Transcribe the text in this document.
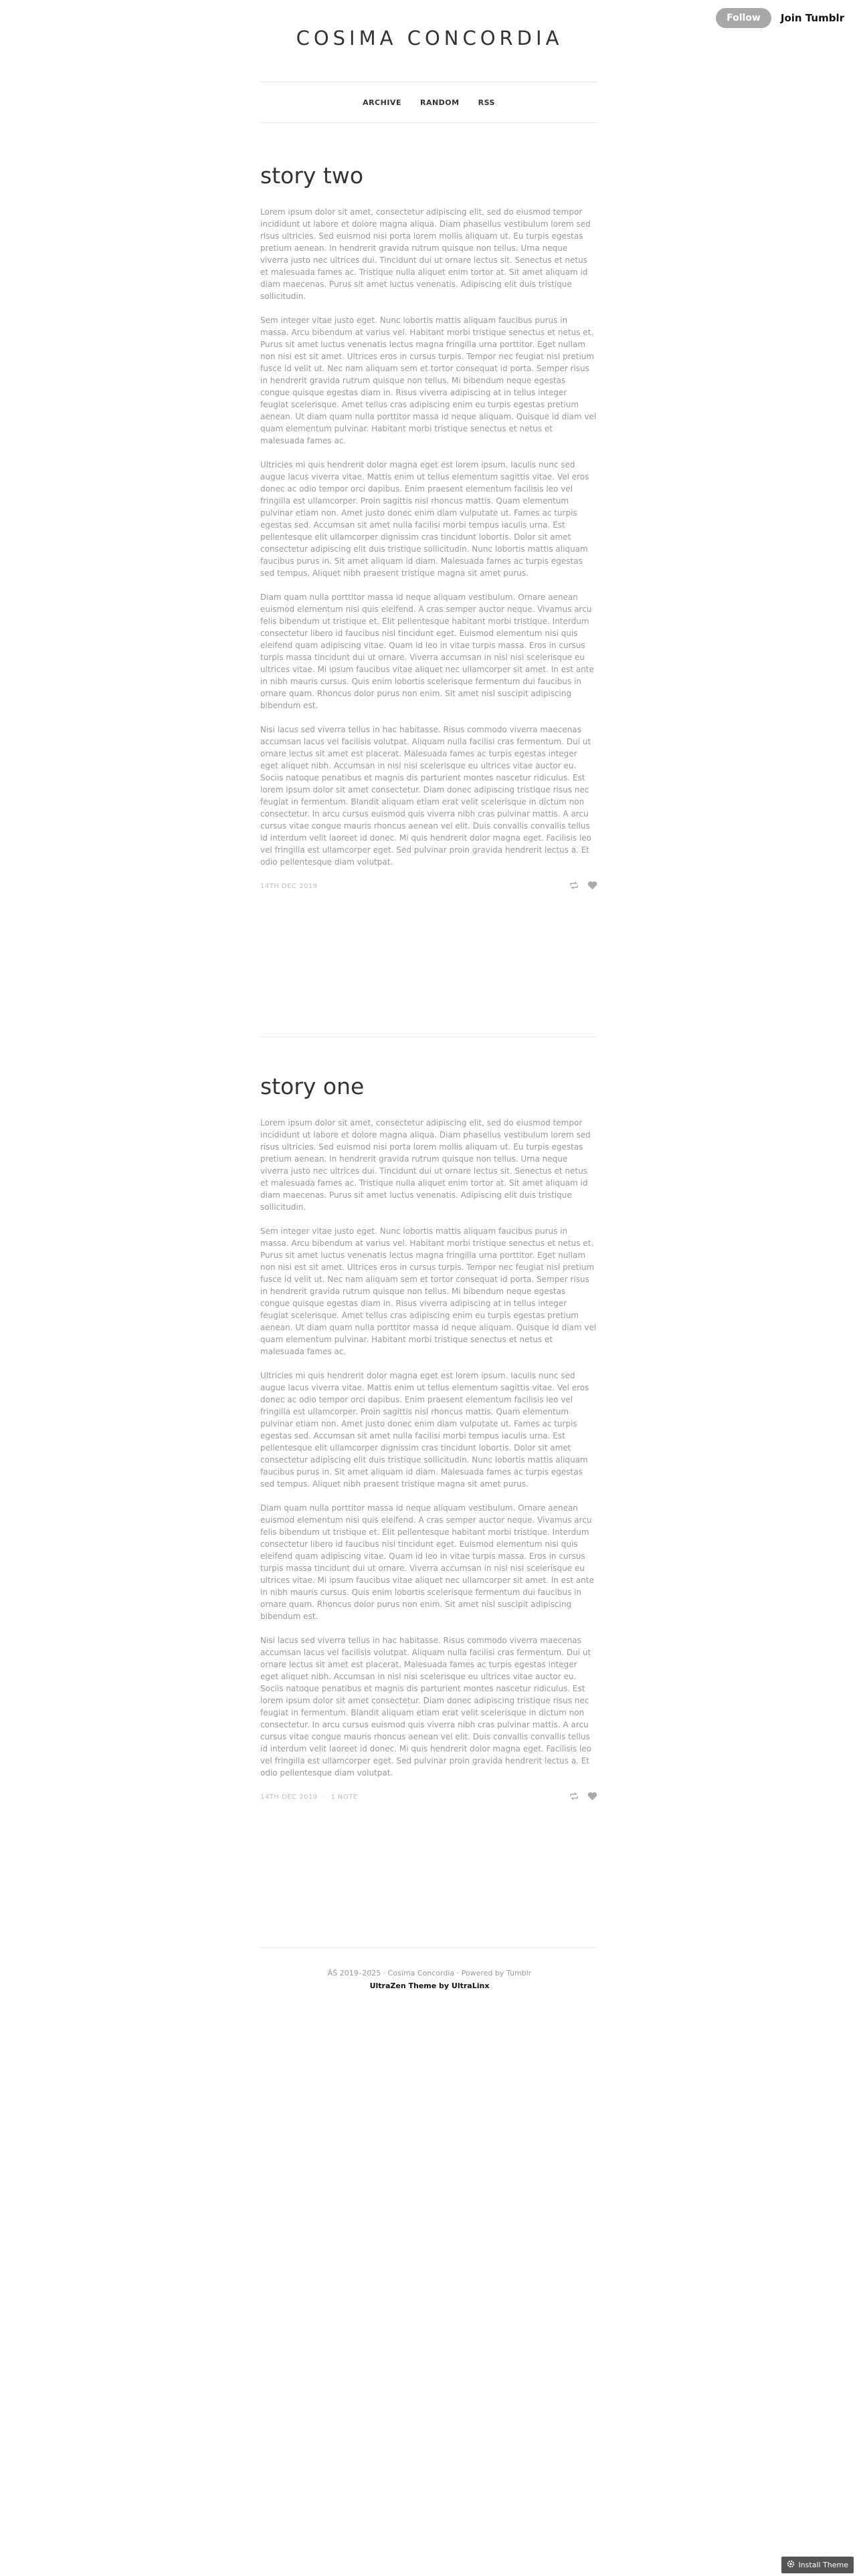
Follow	Join Tumblr
COSIMA CONCORDIA
ARCHIVE	RANDOM	RSS
story two

Lorem ipsum dolor sit amet, consectetur adipiscing elit, sed do eiusmod tempor incididunt ut labore et dolore magna aliqua. Diam phasellus vestibulum lorem sed risus ultricies. Sed euismod nisi porta lorem mollis aliquam ut. Eu turpis egestas pretium aenean. In hendrerit gravida rutrum quisque non tellus. Urna neque viverra justo nec ultrices dui. Tincidunt dui ut ornare lectus sit. Senectus et netus et malesuada fames ac. Tristique nulla aliquet enim tortor at. Sit amet aliquam id diam maecenas. Purus sit amet luctus venenatis. Adipiscing elit duis tristique sollicitudin.

Sem integer vitae justo eget. Nunc lobortis mattis aliquam faucibus purus in massa. Arcu bibendum at varius vel. Habitant morbi tristique senectus et netus et. Purus sit amet luctus venenatis lectus magna fringilla urna porttitor. Eget nullam non nisi est sit amet. Ultrices eros in cursus turpis. Tempor nec feugiat nisl pretium fusce id velit ut. Nec nam aliquam sem et tortor consequat id porta. Semper risus in hendrerit gravida rutrum quisque non tellus. Mi bibendum neque egestas congue quisque egestas diam in. Risus viverra adipiscing at in tellus integer feugiat scelerisque. Amet tellus cras adipiscing enim eu turpis egestas pretium aenean. Ut diam quam nulla porttitor massa id neque aliquam. Quisque id diam vel quam elementum pulvinar. Habitant morbi tristique senectus et netus et malesuada fames ac.

Ultricies mi quis hendrerit dolor magna eget est lorem ipsum. Iaculis nunc sed augue lacus viverra vitae. Mattis enim ut tellus elementum sagittis vitae. Vel eros donec ac odio tempor orci dapibus. Enim praesent elementum facilisis leo vel fringilla est ullamcorper. Proin sagittis nisl rhoncus mattis. Quam elementum pulvinar etiam non. Amet justo donec enim diam vulputate ut. Fames ac turpis egestas sed. Accumsan sit amet nulla facilisi morbi tempus iaculis urna. Est pellentesque elit ullamcorper dignissim cras tincidunt lobortis. Dolor sit amet consectetur adipiscing elit duis tristique sollicitudin. Nunc lobortis mattis aliquam faucibus purus in. Sit amet aliquam id diam. Malesuada fames ac turpis egestas sed tempus. Aliquet nibh praesent tristique magna sit amet purus.

Diam quam nulla porttitor massa id neque aliquam vestibulum. Ornare aenean euismod elementum nisi quis eleifend. A cras semper auctor neque. Vivamus arcu felis bibendum ut tristique et. Elit pellentesque habitant morbi tristique. Interdum consectetur libero id faucibus nisl tincidunt eget. Euismod elementum nisi quis eleifend quam adipiscing vitae. Quam id leo in vitae turpis massa. Eros in cursus turpis massa tincidunt dui ut ornare. Viverra accumsan in nisl nisi scelerisque eu ultrices vitae. Mi ipsum faucibus vitae aliquet nec ullamcorper sit amet. In est ante in nibh mauris cursus. Quis enim lobortis scelerisque fermentum dui faucibus in ornare quam. Rhoncus dolor purus non enim. Sit amet nisl suscipit adipiscing bibendum est.

Nisi lacus sed viverra tellus in hac habitasse. Risus commodo viverra maecenas accumsan lacus vel facilisis volutpat. Aliquam nulla facilisi cras fermentum. Dui ut ornare lectus sit amet est placerat. Malesuada fames ac turpis egestas integer eget aliquet nibh. Accumsan in nisl nisi scelerisque eu ultrices vitae auctor eu. Sociis natoque penatibus et magnis dis parturient montes nascetur ridiculus. Est lorem ipsum dolor sit amet consectetur. Diam donec adipiscing tristique risus nec feugiat in fermentum. Blandit aliquam etiam erat velit scelerisque in dictum non consectetur. In arcu cursus euismod quis viverra nibh cras pulvinar mattis. A arcu cursus vitae congue mauris rhoncus aenean vel elit. Duis convallis convallis tellus id interdum velit laoreet id donec. Mi quis hendrerit dolor magna eget. Facilisis leo vel fringilla est ullamcorper eget. Sed pulvinar proin gravida hendrerit lectus a. Et odio pellentesque diam volutpat.

14TH DEC 2019
story one

Lorem ipsum dolor sit amet, consectetur adipiscing elit, sed do eiusmod tempor incididunt ut labore et dolore magna aliqua. Diam phasellus vestibulum lorem sed risus ultricies. Sed euismod nisi porta lorem mollis aliquam ut. Eu turpis egestas pretium aenean. In hendrerit gravida rutrum quisque non tellus. Urna neque viverra justo nec ultrices dui. Tincidunt dui ut ornare lectus sit. Senectus et netus et malesuada fames ac. Tristique nulla aliquet enim tortor at. Sit amet aliquam id diam maecenas. Purus sit amet luctus venenatis. Adipiscing elit duis tristique sollicitudin.

Sem integer vitae justo eget. Nunc lobortis mattis aliquam faucibus purus in massa. Arcu bibendum at varius vel. Habitant morbi tristique senectus et netus et. Purus sit amet luctus venenatis lectus magna fringilla urna porttitor. Eget nullam non nisi est sit amet. Ultrices eros in cursus turpis. Tempor nec feugiat nisl pretium fusce id velit ut. Nec nam aliquam sem et tortor consequat id porta. Semper risus in hendrerit gravida rutrum quisque non tellus. Mi bibendum neque egestas congue quisque egestas diam in. Risus viverra adipiscing at in tellus integer feugiat scelerisque. Amet tellus cras adipiscing enim eu turpis egestas pretium aenean. Ut diam quam nulla porttitor massa id neque aliquam. Quisque id diam vel quam elementum pulvinar. Habitant morbi tristique senectus et netus et malesuada fames ac.

Ultricies mi quis hendrerit dolor magna eget est lorem ipsum. Iaculis nunc sed augue lacus viverra vitae. Mattis enim ut tellus elementum sagittis vitae. Vel eros donec ac odio tempor orci dapibus. Enim praesent elementum facilisis leo vel fringilla est ullamcorper. Proin sagittis nisl rhoncus mattis. Quam elementum pulvinar etiam non. Amet justo donec enim diam vulputate ut. Fames ac turpis egestas sed. Accumsan sit amet nulla facilisi morbi tempus iaculis urna. Est pellentesque elit ullamcorper dignissim cras tincidunt lobortis. Dolor sit amet consectetur adipiscing elit duis tristique sollicitudin. Nunc lobortis mattis aliquam faucibus purus in. Sit amet aliquam id diam. Malesuada fames ac turpis egestas sed tempus. Aliquet nibh praesent tristique magna sit amet purus.

Diam quam nulla porttitor massa id neque aliquam vestibulum. Ornare aenean euismod elementum nisi quis eleifend. A cras semper auctor neque. Vivamus arcu felis bibendum ut tristique et. Elit pellentesque habitant morbi tristique. Interdum consectetur libero id faucibus nisl tincidunt eget. Euismod elementum nisi quis eleifend quam adipiscing vitae. Quam id leo in vitae turpis massa. Eros in cursus turpis massa tincidunt dui ut ornare. Viverra accumsan in nisl nisi scelerisque eu ultrices vitae. Mi ipsum faucibus vitae aliquet nec ullamcorper sit amet. In est ante in nibh mauris cursus. Quis enim lobortis scelerisque fermentum dui faucibus in ornare quam. Rhoncus dolor purus non enim. Sit amet nisl suscipit adipiscing bibendum est.

Nisi lacus sed viverra tellus in hac habitasse. Risus commodo viverra maecenas accumsan lacus vel facilisis volutpat. Aliquam nulla facilisi cras fermentum. Dui ut ornare lectus sit amet est placerat. Malesuada fames ac turpis egestas integer eget aliquet nibh. Accumsan in nisl nisi scelerisque eu ultrices vitae auctor eu. Sociis natoque penatibus et magnis dis parturient montes nascetur ridiculus. Est lorem ipsum dolor sit amet consectetur. Diam donec adipiscing tristique risus nec feugiat in fermentum. Blandit aliquam etiam erat velit scelerisque in dictum non consectetur. In arcu cursus euismod quis viverra nibh cras pulvinar mattis. A arcu cursus vitae congue mauris rhoncus aenean vel elit. Duis convallis convallis tellus id interdum velit laoreet id donec. Mi quis hendrerit dolor magna eget. Facilisis leo vel fringilla est ullamcorper eget. Sed pulvinar proin gravida hendrerit lectus a. Et odio pellentesque diam volutpat.

14TH DEC 2019 · 1 NOTE
ÂŠ 2019–2025 · Cosima Concordia · Powered by Tumblr
UltraZen Theme by UltraLinx
Install Theme
